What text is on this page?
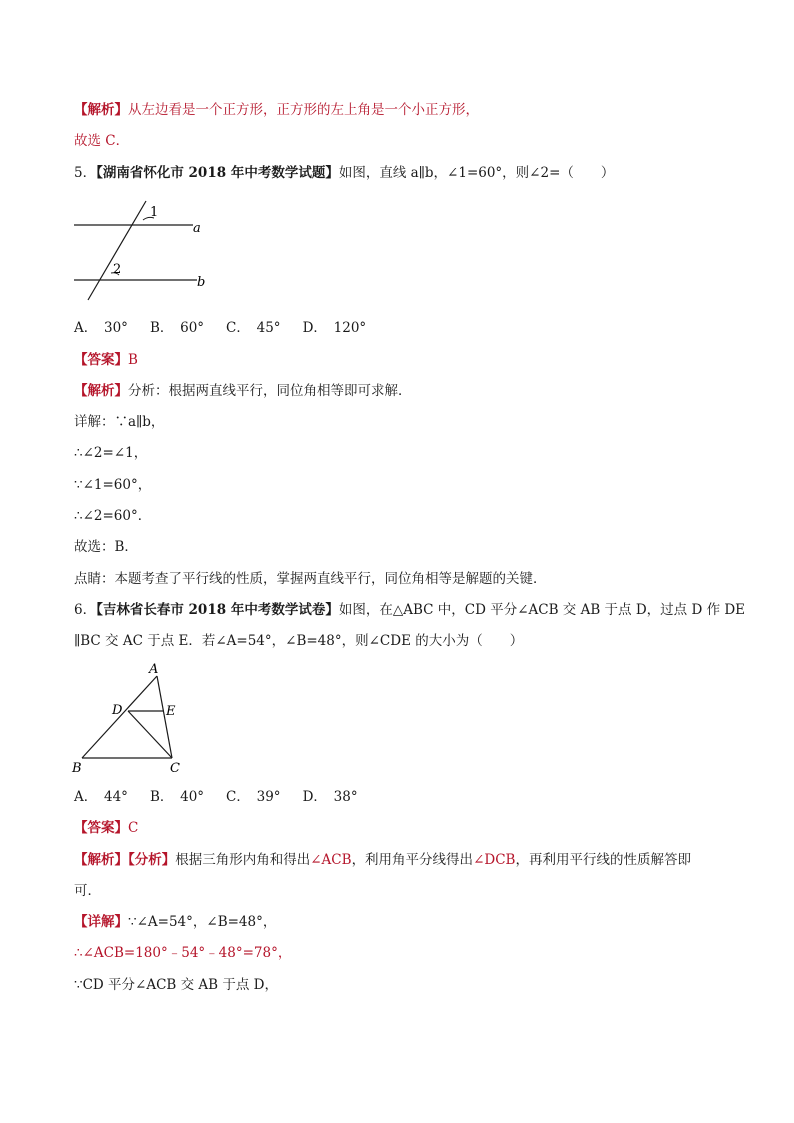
【解析】从左边看是一个正方形，正方形的左上角是一个小正方形，
故选 C．
5．【湖南省怀化市 2018 年中考数学试题】如图，直线 a∥b，∠1=60°，则∠2=（　　）
1
2
a
b
A．　30° B．　60° C．　45° D．　120°
【答案】B
【解析】分析：根据两直线平行，同位角相等即可求解．
详解：∵a∥b，
∴∠2=∠1，
∵∠1=60°，
∴∠2=60°．
故选：B．
点睛：本题考查了平行线的性质，掌握两直线平行，同位角相等是解题的关键．
6．【吉林省长春市 2018 年中考数学试卷】如图，在△ABC 中，CD 平分∠ACB 交 AB 于点 D，过点 D 作 DE
∥BC 交 AC 于点 E．若∠A=54°，∠B=48°，则∠CDE 的大小为（　　）
A
D	E
B	C
A．　44° B．　40° C．　39° D．　38°
【答案】C
【解析】【分析】根据三角形内角和得出∠ACB，利用角平分线得出∠DCB，再利用平行线的性质解答即
可．
【详解】∵∠A=54°，∠B=48°，
∴∠ACB=180°﹣54°﹣48°=78°，
∵CD 平分∠ACB 交 AB 于点 D，
